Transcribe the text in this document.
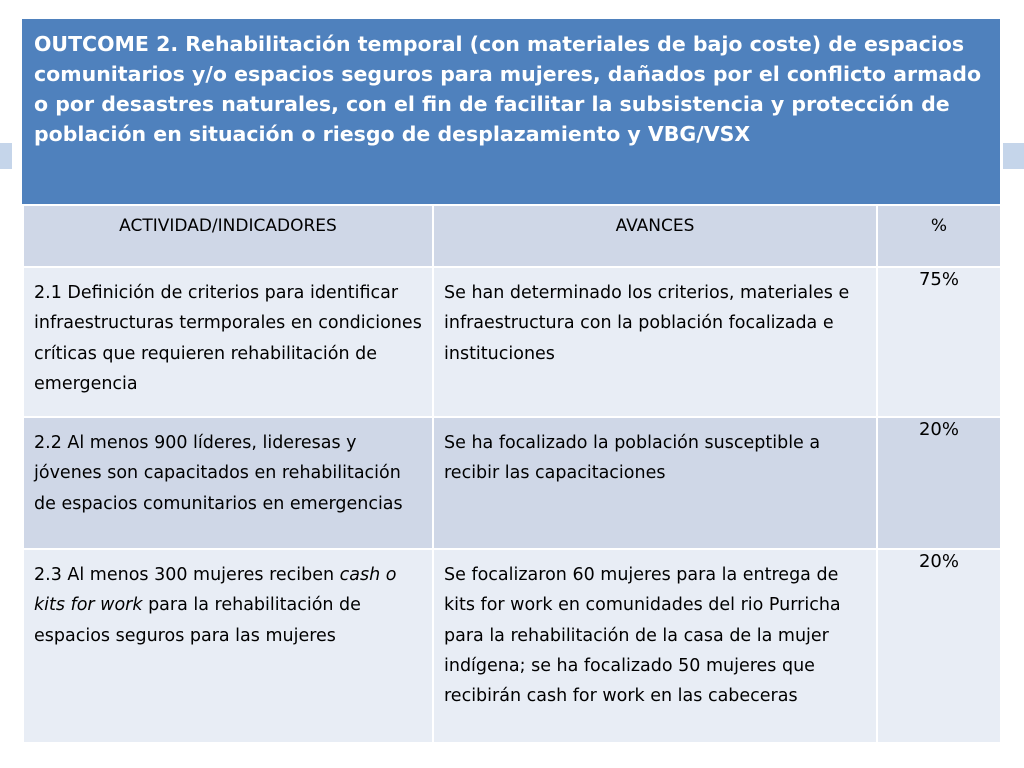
OUTCOME 2. Rehabilitación temporal (con materiales de bajo coste) de espacios comunitarios y/o espacios seguros para mujeres, dañados por el conflicto armado o por desastres naturales, con el fin de facilitar la subsistencia y protección de población en situación o riesgo de desplazamiento y VBG/VSX

ACTIVIDAD/INDICADORES	AVANCES	%
2.1 Definición de criterios para identificar infraestructuras termporales en condiciones críticas que requieren rehabilitación de emergencia	Se han determinado los criterios, materiales e infraestructura con la población focalizada e instituciones	75%
2.2 Al menos 900 líderes, lideresas y jóvenes son capacitados en rehabilitación de espacios comunitarios en emergencias	Se ha focalizado la población susceptible a recibir las capacitaciones	20%
2.3 Al menos 300 mujeres reciben cash o kits for work para la rehabilitación de espacios seguros para las mujeres	Se focalizaron 60 mujeres para la entrega de kits for work en comunidades del rio Purricha para la rehabilitación de la casa de la mujer indígena; se ha focalizado 50 mujeres que recibirán cash for work en las cabeceras	20%
